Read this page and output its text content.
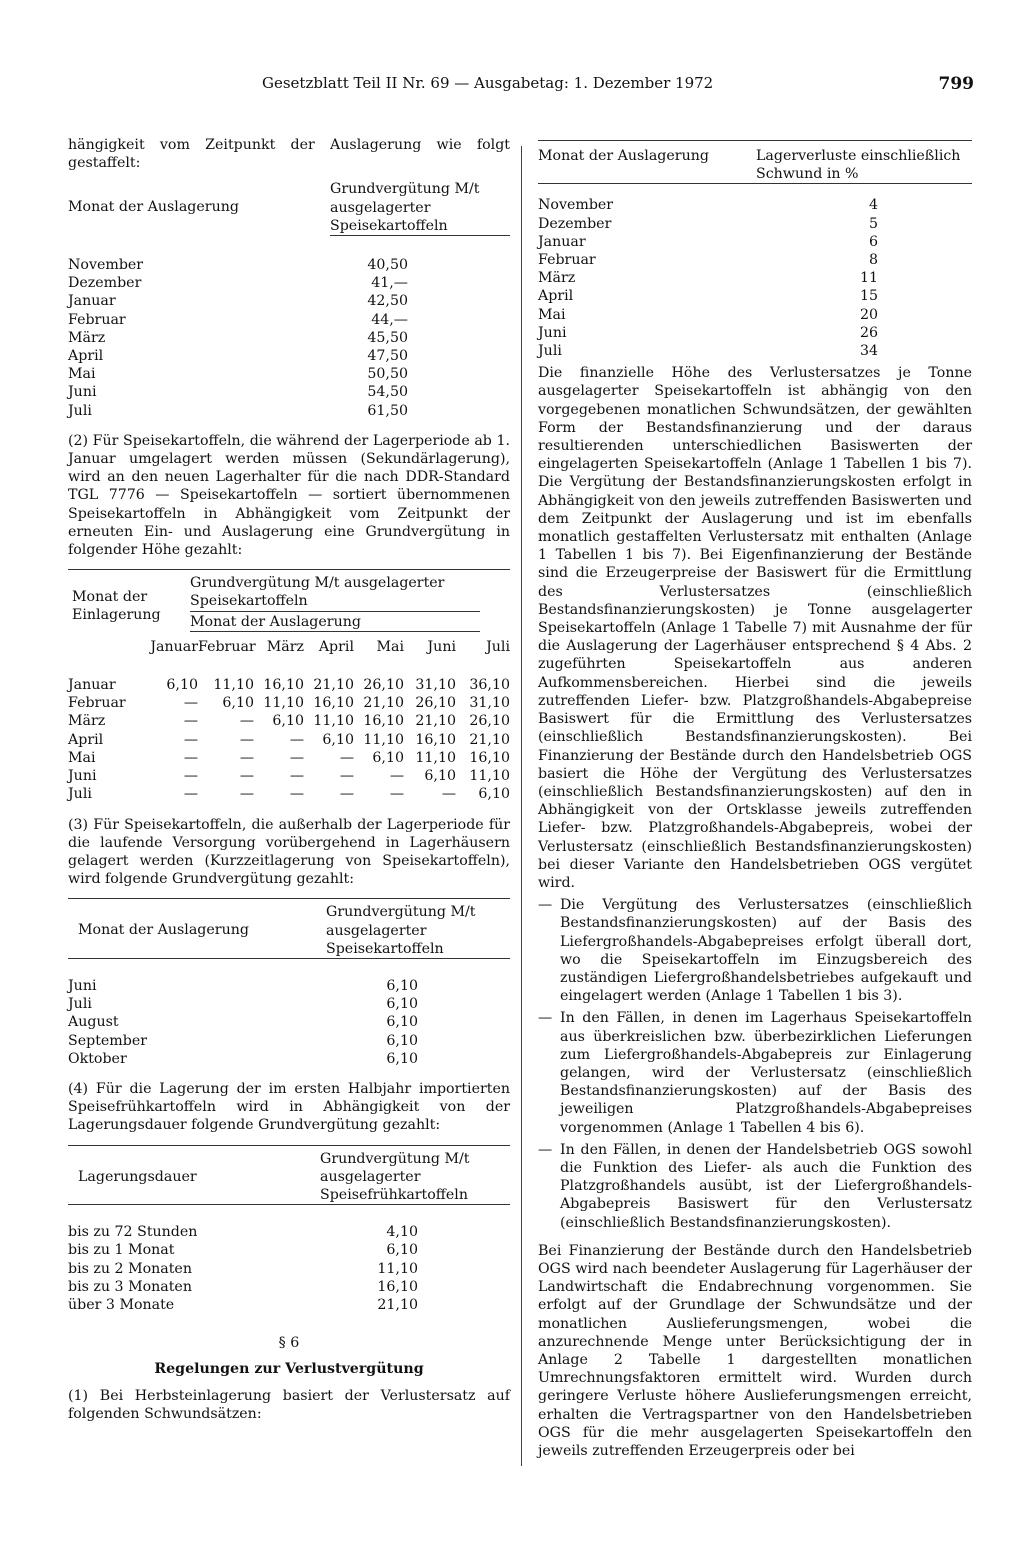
Gesetzblatt Teil II Nr. 69 — Ausgabetag: 1. Dezember 1972	799

hängigkeit vom Zeitpunkt der Auslagerung wie folgt gestaffelt:

Monat der Auslagerung	Grundvergütung M/t ausgelagerter Speisekartoffeln

November	40,50
Dezember	41,—
Januar	42,50
Februar	44,—
März	45,50
April	47,50
Mai	50,50
Juni	54,50
Juli	61,50

(2) Für Speisekartoffeln, die während der Lagerperiode ab 1. Januar umgelagert werden müssen (Sekundärlagerung), wird an den neuen Lagerhalter für die nach DDR-Standard TGL 7776 — Speisekartoffeln — sortiert übernommenen Speisekartoffeln in Abhängigkeit vom Zeitpunkt der erneuten Ein- und Auslagerung eine Grundvergütung in folgender Höhe gezahlt:

Monat der Einlagerung	
Grundvergütung M/t ausgelagerter Speisekartoffeln
Monat der Auslagerung
	Januar	Februar	März	April	Mai	Juni	Juli
Januar	6,10	11,10	16,10	21,10	26,10	31,10	36,10
Februar	—	6,10	11,10	16,10	21,10	26,10	31,10
März	—	—	6,10	11,10	16,10	21,10	26,10
April	—	—	—	6,10	11,10	16,10	21,10
Mai	—	—	—	—	6,10	11,10	16,10
Juni	—	—	—	—	—	6,10	11,10
Juli	—	—	—	—	—	—	6,10

(3) Für Speisekartoffeln, die außerhalb der Lagerperiode für die laufende Versorgung vorübergehend in Lagerhäusern gelagert werden (Kurzzeitlagerung von Speisekartoffeln), wird folgende Grundvergütung gezahlt:

Monat der Auslagerung	Grundvergütung M/t ausgelagerter Speisekartoffeln

Juni	6,10
Juli	6,10
August	6,10
September	6,10
Oktober	6,10

(4) Für die Lagerung der im ersten Halbjahr importierten Speisefrühkartoffeln wird in Abhängigkeit von der Lagerungsdauer folgende Grundvergütung gezahlt:

Lagerungsdauer	Grundvergütung M/t ausgelagerter Speisefrühkartoffeln

bis zu 72 Stunden	4,10
bis zu 1 Monat	6,10
bis zu 2 Monaten	11,10
bis zu 3 Monaten	16,10
über 3 Monate	21,10
§ 6
Regelungen zur Verlustvergütung

(1) Bei Herbsteinlagerung basiert der Verlustersatz auf folgenden Schwundsätzen:

Monat der Auslagerung	Lagerverluste einschließlich Schwund in %

November	4
Dezember	5
Januar	6
Februar	8
März	11
April	15
Mai	20
Juni	26
Juli	34

Die finanzielle Höhe des Verlustersatzes je Tonne ausgelagerter Speisekartoffeln ist abhängig von den vorgegebenen monatlichen Schwundsätzen, der gewählten Form der Bestandsfinanzierung und der daraus resultierenden unterschiedlichen Basiswerten der eingelagerten Speisekartoffeln (Anlage 1 Tabellen 1 bis 7). Die Vergütung der Bestandsfinanzierungskosten erfolgt in Abhängigkeit von den jeweils zutreffenden Basiswerten und dem Zeitpunkt der Auslagerung und ist im ebenfalls monatlich gestaffelten Verlustersatz mit enthalten (Anlage 1 Tabellen 1 bis 7). Bei Eigenfinanzierung der Bestände sind die Erzeugerpreise der Basiswert für die Ermittlung des Verlustersatzes (einschließlich Bestandsfinanzierungskosten) je Tonne ausgelagerter Speisekartoffeln (Anlage 1 Tabelle 7) mit Ausnahme der für die Auslagerung der Lagerhäuser entsprechend § 4 Abs. 2 zugeführten Speisekartoffeln aus anderen Aufkommensbereichen. Hierbei sind die jeweils zutreffenden Liefer- bzw. Platzgroßhandels-Abgabepreise Basiswert für die Ermittlung des Verlustersatzes (einschließlich Bestandsfinanzierungskosten). Bei Finanzierung der Bestände durch den Handelsbetrieb OGS basiert die Höhe der Vergütung des Verlustersatzes (einschließlich Bestandsfinanzierungskosten) auf den in Abhängigkeit von der Ortsklasse jeweils zutreffenden Liefer- bzw. Platzgroßhandels-Abgabepreis, wobei der Verlustersatz (einschließlich Bestandsfinanzierungskosten) bei dieser Variante den Handelsbetrieben OGS vergütet wird.

— Die Vergütung des Verlustersatzes (einschließlich Bestandsfinanzierungskosten) auf der Basis des Liefergroßhandels-Abgabepreises erfolgt überall dort, wo die Speisekartoffeln im Einzugsbereich des zuständigen Liefergroßhandelsbetriebes aufgekauft und eingelagert werden (Anlage 1 Tabellen 1 bis 3).

— In den Fällen, in denen im Lagerhaus Speisekartoffeln aus überkreislichen bzw. überbezirklichen Lieferungen zum Liefergroßhandels-Abgabepreis zur Einlagerung gelangen, wird der Verlustersatz (einschließlich Bestandsfinanzierungskosten) auf der Basis des jeweiligen Platzgroßhandels-Abgabepreises vorgenommen (Anlage 1 Tabellen 4 bis 6).

— In den Fällen, in denen der Handelsbetrieb OGS sowohl die Funktion des Liefer- als auch die Funktion des Platzgroßhandels ausübt, ist der Liefergroßhandels-Abgabepreis Basiswert für den Verlustersatz (einschließlich Bestandsfinanzierungskosten).

Bei Finanzierung der Bestände durch den Handelsbetrieb OGS wird nach beendeter Auslagerung für Lagerhäuser der Landwirtschaft die Endabrechnung vorgenommen. Sie erfolgt auf der Grundlage der Schwundsätze und der monatlichen Auslieferungsmengen, wobei die anzurechnende Menge unter Berücksichtigung der in Anlage 2 Tabelle 1 dargestellten monatlichen Umrechnungsfaktoren ermittelt wird. Wurden durch geringere Verluste höhere Auslieferungsmengen erreicht, erhalten die Vertragspartner von den Handelsbetrieben OGS für die mehr ausgelagerten Speisekartoffeln den jeweils zutreffenden Erzeugerpreis oder bei
